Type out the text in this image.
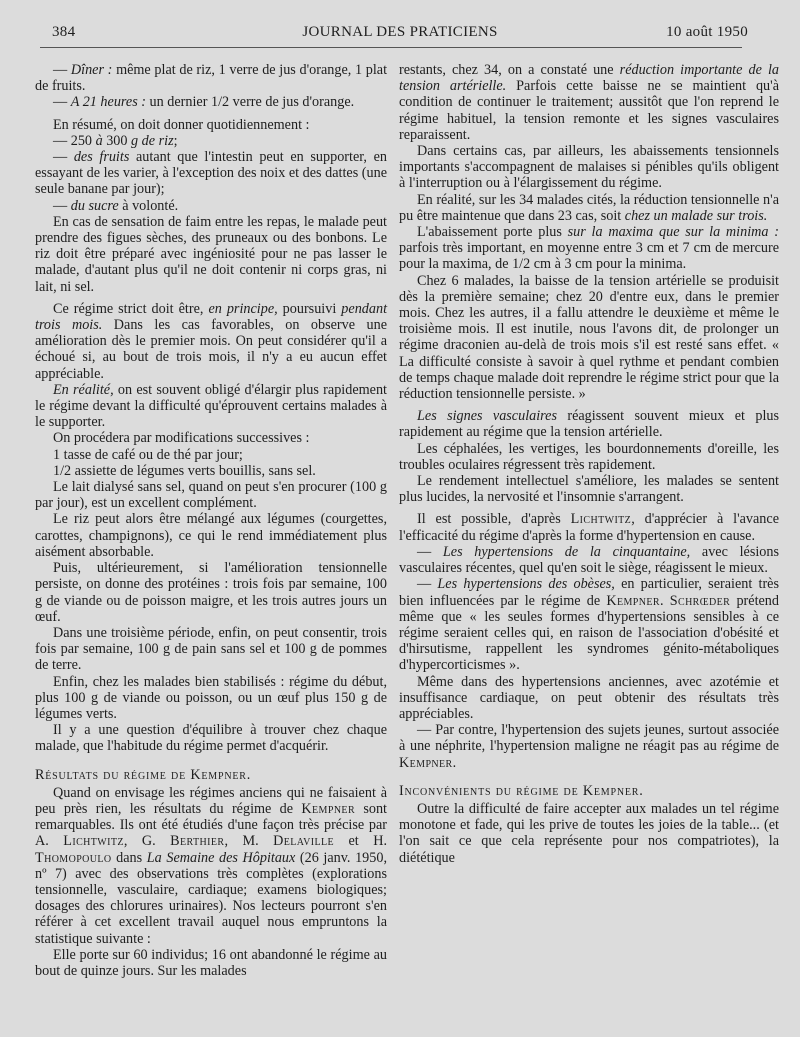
384	JOURNAL DES PRATICIENS	10 août 1950

— Dîner : même plat de riz, 1 verre de jus d'orange, 1 plat de fruits.

— A 21 heures : un dernier 1/2 verre de jus d'orange.

En résumé, on doit donner quotidiennement :

— 250 à 300 g de riz;

— des fruits autant que l'intestin peut en supporter, en essayant de les varier, à l'exception des noix et des dattes (une seule banane par jour);

— du sucre à volonté.

En cas de sensation de faim entre les repas, le malade peut prendre des figues sèches, des pruneaux ou des bonbons. Le riz doit être préparé avec ingéniosité pour ne pas lasser le malade, d'autant plus qu'il ne doit contenir ni corps gras, ni lait, ni sel.

Ce régime strict doit être, en principe, poursuivi pendant trois mois. Dans les cas favorables, on observe une amélioration dès le premier mois. On peut considérer qu'il a échoué si, au bout de trois mois, il n'y a eu aucun effet appréciable.

En réalité, on est souvent obligé d'élargir plus rapidement le régime devant la difficulté qu'éprouvent certains malades à le supporter.

On procédera par modifications successives :

1 tasse de café ou de thé par jour;

1/2 assiette de légumes verts bouillis, sans sel.

Le lait dialysé sans sel, quand on peut s'en procurer (100 g par jour), est un excellent complément.

Le riz peut alors être mélangé aux légumes (courgettes, carottes, champignons), ce qui le rend immédiatement plus aisément absorbable.

Puis, ultérieurement, si l'amélioration tensionnelle persiste, on donne des protéines : trois fois par semaine, 100 g de viande ou de poisson maigre, et les trois autres jours un œuf.

Dans une troisième période, enfin, on peut consentir, trois fois par semaine, 100 g de pain sans sel et 100 g de pommes de terre.

Enfin, chez les malades bien stabilisés : régime du début, plus 100 g de viande ou poisson, ou un œuf plus 150 g de légumes verts.

Il y a une question d'équilibre à trouver chez chaque malade, que l'habitude du régime permet d'acquérir.

Résultats du régime de Kempner.

Quand on envisage les régimes anciens qui ne faisaient à peu près rien, les résultats du régime de Kempner sont remarquables. Ils ont été étudiés d'une façon très précise par A. Lichtwitz, G. Berthier, M. Delaville et H. Thomopoulo dans La Semaine des Hôpitaux (26 janv. 1950, nº 7) avec des observations très complètes (explorations tensionnelle, vasculaire, cardiaque; examens biologiques; dosages des chlorures urinaires). Nos lecteurs pourront s'en référer à cet excellent travail auquel nous empruntons la statistique suivante :

Elle porte sur 60 individus; 16 ont abandonné le régime au bout de quinze jours. Sur les malades

restants, chez 34, on a constaté une réduction importante de la tension artérielle. Parfois cette baisse ne se maintient qu'à condition de continuer le traitement; aussitôt que l'on reprend le régime habituel, la tension remonte et les signes vasculaires reparaissent.

Dans certains cas, par ailleurs, les abaissements tensionnels importants s'accompagnent de malaises si pénibles qu'ils obligent à l'interruption ou à l'élargissement du régime.

En réalité, sur les 34 malades cités, la réduction tensionnelle n'a pu être maintenue que dans 23 cas, soit chez un malade sur trois.

L'abaissement porte plus sur la maxima que sur la minima : parfois très important, en moyenne entre 3 cm et 7 cm de mercure pour la maxima, de 1/2 cm à 3 cm pour la minima.

Chez 6 malades, la baisse de la tension artérielle se produisit dès la première semaine; chez 20 d'entre eux, dans le premier mois. Chez les autres, il a fallu attendre le deuxième et même le troisième mois. Il est inutile, nous l'avons dit, de prolonger un régime draconien au-delà de trois mois s'il est resté sans effet. « La difficulté consiste à savoir à quel rythme et pendant combien de temps chaque malade doit reprendre le régime strict pour que la réduction tensionnelle persiste. »

Les signes vasculaires réagissent souvent mieux et plus rapidement au régime que la tension artérielle.

Les céphalées, les vertiges, les bourdonnements d'oreille, les troubles oculaires régressent très rapidement.

Le rendement intellectuel s'améliore, les malades se sentent plus lucides, la nervosité et l'insomnie s'arrangent.

Il est possible, d'après Lichtwitz, d'apprécier à l'avance l'efficacité du régime d'après la forme d'hypertension en cause.

— Les hypertensions de la cinquantaine, avec lésions vasculaires récentes, quel qu'en soit le siège, réagissent le mieux.

— Les hypertensions des obèses, en particulier, seraient très bien influencées par le régime de Kempner. Schrœder prétend même que « les seules formes d'hypertensions sensibles à ce régime seraient celles qui, en raison de l'association d'obésité et d'hirsutisme, rappellent les syndromes génito-métaboliques d'hypercorticismes ».

Même dans des hypertensions anciennes, avec azotémie et insuffisance cardiaque, on peut obtenir des résultats très appréciables.

— Par contre, l'hypertension des sujets jeunes, surtout associée à une néphrite, l'hypertension maligne ne réagit pas au régime de Kempner.

Inconvénients du régime de Kempner.

Outre la difficulté de faire accepter aux malades un tel régime monotone et fade, qui les prive de toutes les joies de la table... (et l'on sait ce que cela représente pour nos compatriotes), la diététique
